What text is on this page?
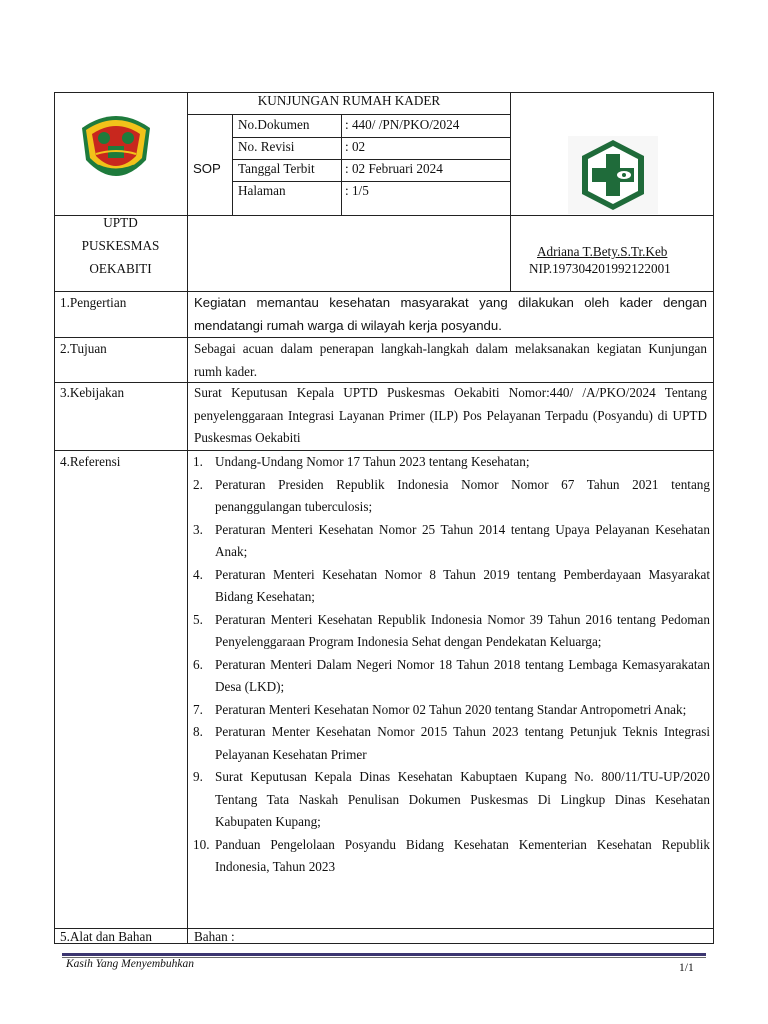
KUNJUNGAN RUMAH KADER
SOP
No.Dokumen	: 440/ /PN/PKO/2024
No. Revisi	: 02
Tanggal Terbit : 02 Februari 2024
Halaman	: 1/5
UPTD
PUSKESMAS
OEKABITI
Adriana T.Bety.S.Tr.Keb
NIP.197304201992122001
1.Pengertian	Kegiatan memantau kesehatan masyarakat yang dilakukan oleh kader dengan mendatangi rumah warga di wilayah kerja posyandu.
2.Tujuan	Sebagai acuan dalam penerapan langkah-langkah dalam melaksanakan kegiatan Kunjungan rumh kader.
3.Kebijakan	Surat Keputusan Kepala UPTD Puskesmas Oekabiti Nomor:440/ /A/PKO/2024 Tentang penyelenggaraan Integrasi Layanan Primer (ILP) Pos Pelayanan Terpadu (Posyandu) di UPTD Puskesmas Oekabiti
4.Referensi	1. Undang-Undang Nomor 17 Tahun 2023 tentang Kesehatan;
2. Peraturan Presiden Republik Indonesia Nomor Nomor 67 Tahun 2021 tentang penanggulangan tuberculosis;
3. Peraturan Menteri Kesehatan Nomor 25 Tahun 2014 tentang Upaya Pelayanan Kesehatan Anak;
4. Peraturan Menteri Kesehatan Nomor 8 Tahun 2019 tentang Pemberdayaan Masyarakat Bidang Kesehatan;
5. Peraturan Menteri Kesehatan Republik Indonesia Nomor 39 Tahun 2016 tentang Pedoman Penyelenggaraan Program Indonesia Sehat dengan Pendekatan Keluarga;
6. Peraturan Menteri Dalam Negeri Nomor 18 Tahun 2018 tentang Lembaga Kemasyarakatan Desa (LKD);
7. Peraturan Menteri Kesehatan Nomor 02 Tahun 2020 tentang Standar Antropometri Anak;
8. Peraturan Menter Kesehatan Nomor 2015 Tahun 2023 tentang Petunjuk Teknis Integrasi Pelayanan Kesehatan Primer
9. Surat Keputusan Kepala Dinas Kesehatan Kabuptaen Kupang No. 800/11/TU-UP/2020 Tentang Tata Naskah Penulisan Dokumen Puskesmas Di Lingkup Dinas Kesehatan Kabupaten Kupang;
10. Panduan Pengelolaan Posyandu Bidang Kesehatan Kementerian Kesehatan Republik Indonesia, Tahun 2023
5.Alat dan Bahan	Bahan :
Kasih Yang Menyembuhkan	1/1
